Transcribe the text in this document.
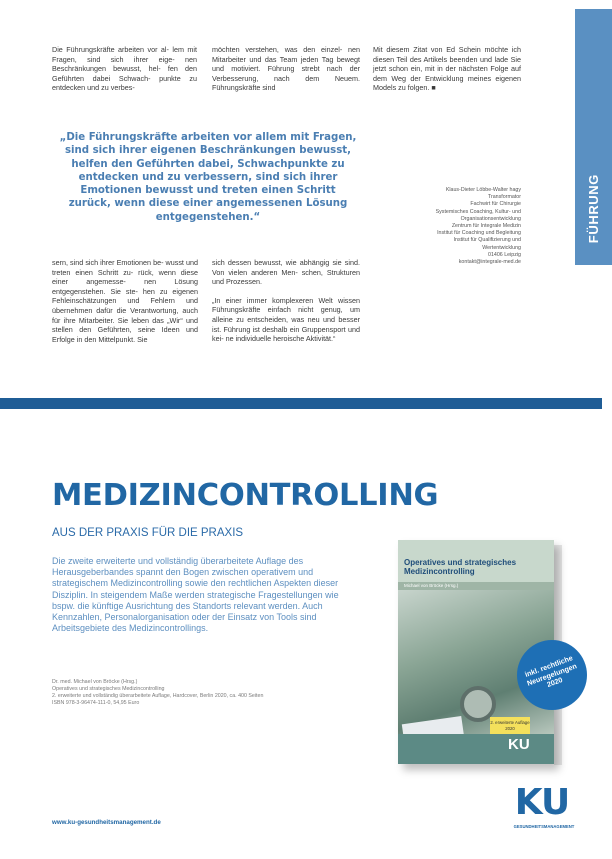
Die Führungskräfte arbeiten vor al- lem mit Fragen, sind sich ihrer eige- nen Beschränkungen bewusst, hel- fen den Geführten dabei Schwach- punkte zu entdecken und zu verbes-

möchten verstehen, was den einzel- nen Mitarbeiter und das Team jeden Tag bewegt und motiviert. Führung strebt nach der Verbesserung, nach dem Neuem. Führungskräfte sind

Mit diesem Zitat von Ed Schein möchte ich diesen Teil des Artikels beenden und lade Sie jetzt schon ein, mit in der nächsten Folge auf dem Weg der Entwicklung meines eigenen Models zu folgen. ■

„Die Führungskräfte arbeiten vor allem mit Fragen, sind sich ihrer eigenen Beschränkungen bewusst, helfen den Geführten dabei, Schwachpunkte zu entdecken und zu verbessern, sind sich ihrer Emotionen bewusst und treten einen Schritt zurück, wenn diese einer angemessenen Lösung entgegenstehen.“

sern, sind sich ihrer Emotionen be- wusst und treten einen Schritt zu- rück, wenn diese einer angemesse- nen Lösung entgegenstehen. Sie ste- hen zu eigenen Fehleinschätzungen und Fehlern und übernehmen dafür die Verantwortung, auch für ihre Mitarbeiter. Sie leben das „Wir“ und stellen den Geführten, seine Ideen und Erfolge in den Mittelpunkt. Sie

sich dessen bewusst, wie abhängig sie sind. Von vielen anderen Men- schen, Strukturen und Prozessen.

„In einer immer komplexeren Welt wissen Führungskräfte einfach nicht genug, um alleine zu entscheiden, was neu und besser ist. Führung ist deshalb ein Gruppensport und kei- ne individuelle heroische Aktivität.“

Klaus-Dieter Löbbe-Walter hagy
Transformator
Fachwirt für Chirurgie
Systemisches Coaching, Kultur- und
Organisationsentwicklung
Zentrum für Integrale Medizin
Institut für Coaching und Begleitung
Institut für Qualifizierung und
Wertentwicklung
01406 Leipzig
kontakt@integrale-med.de
FÜHRUNG
MEDIZINCONTROLLING
AUS DER PRAXIS FÜR DIE PRAXIS
Die zweite erweiterte und vollständig überarbeitete Auflage des Herausgeberbandes spannt den Bogen zwischen operativem und strategischem Medizincontrolling sowie den rechtlichen Aspekten dieser Disziplin. In steigendem Maße werden strategische Fragestellungen wie bspw. die künftige Ausrichtung des Standorts relevant werden. Auch Kennzahlen, Personalorganisation oder der Einsatz von Tools sind Arbeitsgebiete des Medizincontrollings.
Dr. med. Michael von Bröcke (Hrsg.)
Operatives und strategisches Medizincontrolling
2. erweiterte und vollständig überarbeitete Auflage, Hardcover, Berlin 2020, ca. 400 Seiten
ISBN 978-3-96474-111-0, 54,95 Euro
Operatives und strategisches Medizincontrolling
Michael von Bröcke (Hrsg.)
2. erweiterte Auflage 2020
KU
inkl. rechtliche Neuregelungen 2020
www.ku-gesundheitsmanagement.de	KU
GESUNDHEITSMANAGEMENT
